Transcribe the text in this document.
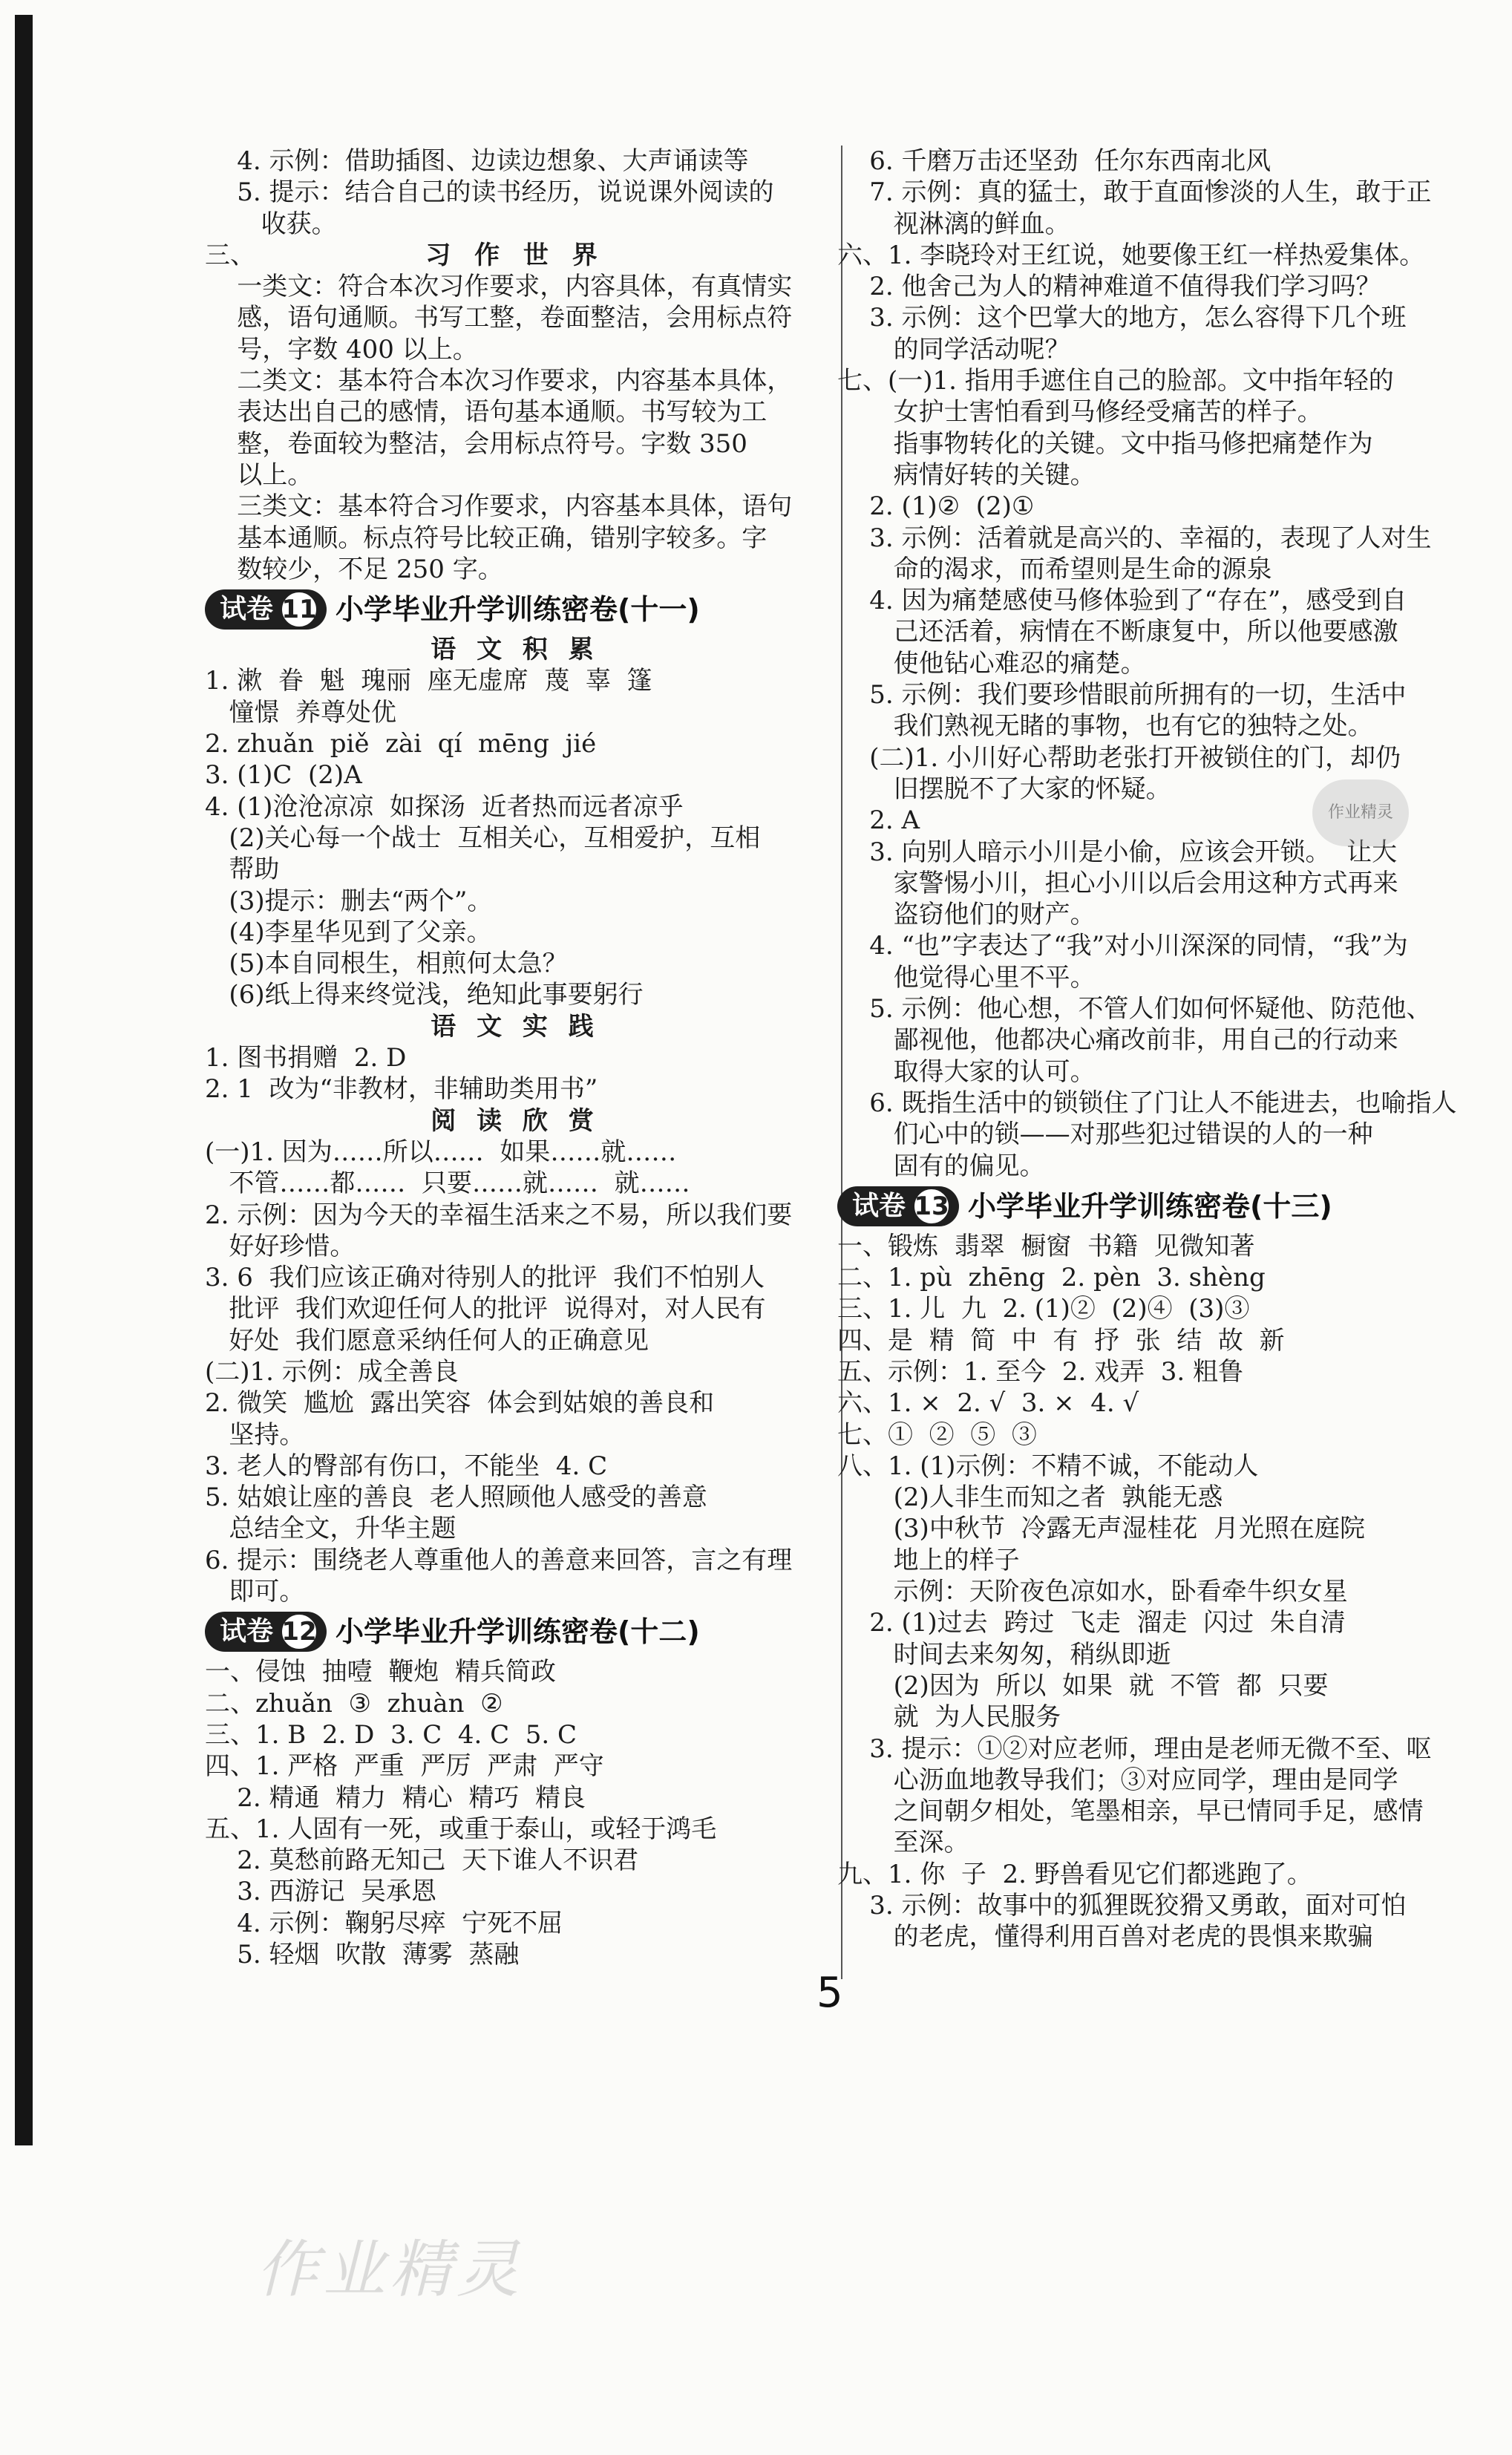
4. 示例：借助插图、边读边想象、大声诵读等
5. 提示：结合自己的读书经历，说说课外阅读的
收获。
三、	习 作 世 界
一类文：符合本次习作要求，内容具体，有真情实
感，语句通顺。书写工整，卷面整洁，会用标点符
号，字数 400 以上。
二类文：基本符合本次习作要求，内容基本具体，
表达出自己的感情，语句基本通顺。书写较为工
整，卷面较为整洁，会用标点符号。字数 350
以上。
三类文：基本符合习作要求，内容基本具体，语句
基本通顺。标点符号比较正确，错别字较多。字
数较少，不足 250 字。
试卷 11 小学毕业升学训练密卷(十一)
语 文 积 累
1. 漱  眷  魁  瑰丽  座无虚席  蔑  辜  篷
憧憬  养尊处优
2. zhuǎn  piě  zài  qí  mēng  jié
3. (1)C  (2)A
4. (1)沧沧凉凉  如探汤  近者热而远者凉乎
(2)关心每一个战士  互相关心，互相爱护，互相
帮助
(3)提示：删去“两个”。
(4)李星华见到了父亲。
(5)本自同根生，相煎何太急？
(6)纸上得来终觉浅，绝知此事要躬行
语 文 实 践
1. 图书捐赠  2. D
2. 1  改为“非教材，非辅助类用书”
阅 读 欣 赏
(一)1. 因为……所以……  如果……就……
不管……都……  只要……就……  就……
2. 示例：因为今天的幸福生活来之不易，所以我们要
好好珍惜。
3. 6  我们应该正确对待别人的批评  我们不怕别人
批评  我们欢迎任何人的批评  说得对，对人民有
好处  我们愿意采纳任何人的正确意见
(二)1. 示例：成全善良
2. 微笑  尴尬  露出笑容  体会到姑娘的善良和
坚持。
3. 老人的臀部有伤口，不能坐  4. C
5. 姑娘让座的善良  老人照顾他人感受的善意
总结全文，升华主题
6. 提示：围绕老人尊重他人的善意来回答，言之有理
即可。
试卷 12 小学毕业升学训练密卷(十二)
一、侵蚀  抽噎  鞭炮  精兵简政
二、zhuǎn  ③  zhuàn  ②
三、1. B  2. D  3. C  4. C  5. C
四、1. 严格  严重  严厉  严肃  严守
2. 精通  精力  精心  精巧  精良
五、1. 人固有一死，或重于泰山，或轻于鸿毛
2. 莫愁前路无知己  天下谁人不识君
3. 西游记  吴承恩
4. 示例：鞠躬尽瘁  宁死不屈
5. 轻烟  吹散  薄雾  蒸融
6. 千磨万击还坚劲  任尔东西南北风
7. 示例：真的猛士，敢于直面惨淡的人生，敢于正
视淋漓的鲜血。
六、1. 李晓玲对王红说，她要像王红一样热爱集体。
2. 他舍己为人的精神难道不值得我们学习吗？
3. 示例：这个巴掌大的地方，怎么容得下几个班
的同学活动呢？
七、(一)1. 指用手遮住自己的脸部。文中指年轻的
女护士害怕看到马修经受痛苦的样子。
指事物转化的关键。文中指马修把痛楚作为
病情好转的关键。
2. (1)②  (2)①
3. 示例：活着就是高兴的、幸福的，表现了人对生
命的渴求，而希望则是生命的源泉
4. 因为痛楚感使马修体验到了“存在”，感受到自
己还活着，病情在不断康复中，所以他要感激
使他钻心难忍的痛楚。
5. 示例：我们要珍惜眼前所拥有的一切，生活中
我们熟视无睹的事物，也有它的独特之处。
(二)1. 小川好心帮助老张打开被锁住的门，却仍
旧摆脱不了大家的怀疑。
2. A
3. 向别人暗示小川是小偷，应该会开锁。  让大
家警惕小川，担心小川以后会用这种方式再来
盗窃他们的财产。
4. “也”字表达了“我”对小川深深的同情，“我”为
他觉得心里不平。
5. 示例：他心想，不管人们如何怀疑他、防范他、
鄙视他，他都决心痛改前非，用自己的行动来
取得大家的认可。
6. 既指生活中的锁锁住了门让人不能进去，也喻指人
们心中的锁——对那些犯过错误的人的一种
固有的偏见。
试卷 13 小学毕业升学训练密卷(十三)
一、锻炼  翡翠  橱窗  书籍  见微知著
二、1. pù  zhēng  2. pèn  3. shèng
三、1. 儿  九  2. (1)②  (2)④  (3)③
四、是  精  简  中  有  抒  张  结  故  新
五、示例：1. 至今  2. 戏弄  3. 粗鲁
六、1. ×  2. √  3. ×  4. √
七、①  ②  ⑤  ③
八、1. (1)示例：不精不诚，不能动人
(2)人非生而知之者  孰能无惑
(3)中秋节  冷露无声湿桂花  月光照在庭院
地上的样子
示例：天阶夜色凉如水，卧看牵牛织女星
2. (1)过去  跨过  飞走  溜走  闪过  朱自清
时间去来匆匆，稍纵即逝
(2)因为  所以  如果  就  不管  都  只要
就  为人民服务
3. 提示：①②对应老师，理由是老师无微不至、呕
心沥血地教导我们；③对应同学，理由是同学
之间朝夕相处，笔墨相亲，早已情同手足，感情
至深。
九、1. 你  子  2. 野兽看见它们都逃跑了。
3. 示例：故事中的狐狸既狡猾又勇敢，面对可怕
的老虎，懂得利用百兽对老虎的畏惧来欺骗
5
作业精灵
作业精灵
